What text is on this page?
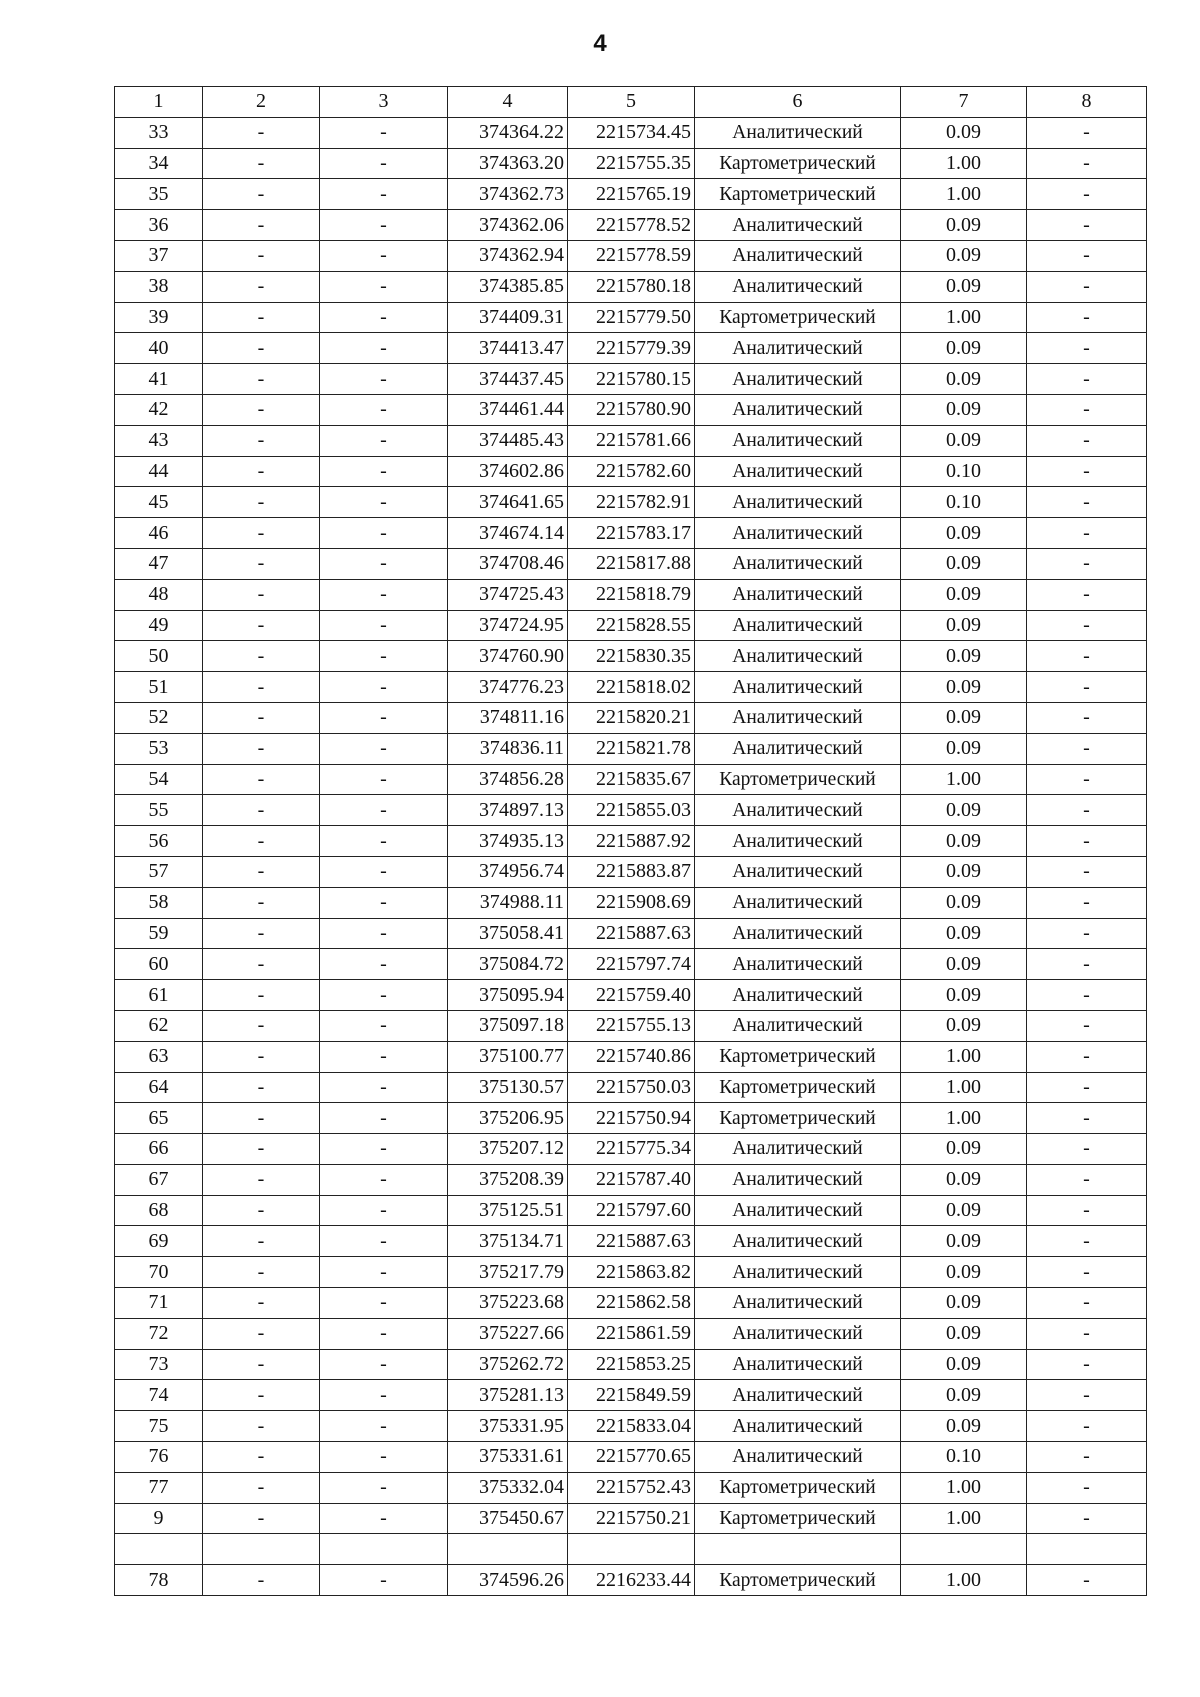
4
1	2	3	4	5	6	7	8
33	-	-	374364.22	2215734.45	Аналитический	0.09	-
34	-	-	374363.20	2215755.35	Картометрический	1.00	-
35	-	-	374362.73	2215765.19	Картометрический	1.00	-
36	-	-	374362.06	2215778.52	Аналитический	0.09	-
37	-	-	374362.94	2215778.59	Аналитический	0.09	-
38	-	-	374385.85	2215780.18	Аналитический	0.09	-
39	-	-	374409.31	2215779.50	Картометрический	1.00	-
40	-	-	374413.47	2215779.39	Аналитический	0.09	-
41	-	-	374437.45	2215780.15	Аналитический	0.09	-
42	-	-	374461.44	2215780.90	Аналитический	0.09	-
43	-	-	374485.43	2215781.66	Аналитический	0.09	-
44	-	-	374602.86	2215782.60	Аналитический	0.10	-
45	-	-	374641.65	2215782.91	Аналитический	0.10	-
46	-	-	374674.14	2215783.17	Аналитический	0.09	-
47	-	-	374708.46	2215817.88	Аналитический	0.09	-
48	-	-	374725.43	2215818.79	Аналитический	0.09	-
49	-	-	374724.95	2215828.55	Аналитический	0.09	-
50	-	-	374760.90	2215830.35	Аналитический	0.09	-
51	-	-	374776.23	2215818.02	Аналитический	0.09	-
52	-	-	374811.16	2215820.21	Аналитический	0.09	-
53	-	-	374836.11	2215821.78	Аналитический	0.09	-
54	-	-	374856.28	2215835.67	Картометрический	1.00	-
55	-	-	374897.13	2215855.03	Аналитический	0.09	-
56	-	-	374935.13	2215887.92	Аналитический	0.09	-
57	-	-	374956.74	2215883.87	Аналитический	0.09	-
58	-	-	374988.11	2215908.69	Аналитический	0.09	-
59	-	-	375058.41	2215887.63	Аналитический	0.09	-
60	-	-	375084.72	2215797.74	Аналитический	0.09	-
61	-	-	375095.94	2215759.40	Аналитический	0.09	-
62	-	-	375097.18	2215755.13	Аналитический	0.09	-
63	-	-	375100.77	2215740.86	Картометрический	1.00	-
64	-	-	375130.57	2215750.03	Картометрический	1.00	-
65	-	-	375206.95	2215750.94	Картометрический	1.00	-
66	-	-	375207.12	2215775.34	Аналитический	0.09	-
67	-	-	375208.39	2215787.40	Аналитический	0.09	-
68	-	-	375125.51	2215797.60	Аналитический	0.09	-
69	-	-	375134.71	2215887.63	Аналитический	0.09	-
70	-	-	375217.79	2215863.82	Аналитический	0.09	-
71	-	-	375223.68	2215862.58	Аналитический	0.09	-
72	-	-	375227.66	2215861.59	Аналитический	0.09	-
73	-	-	375262.72	2215853.25	Аналитический	0.09	-
74	-	-	375281.13	2215849.59	Аналитический	0.09	-
75	-	-	375331.95	2215833.04	Аналитический	0.09	-
76	-	-	375331.61	2215770.65	Аналитический	0.10	-
77	-	-	375332.04	2215752.43	Картометрический	1.00	-
9	-	-	375450.67	2215750.21	Картометрический	1.00	-

78	-	-	374596.26	2216233.44	Картометрический	1.00	-
